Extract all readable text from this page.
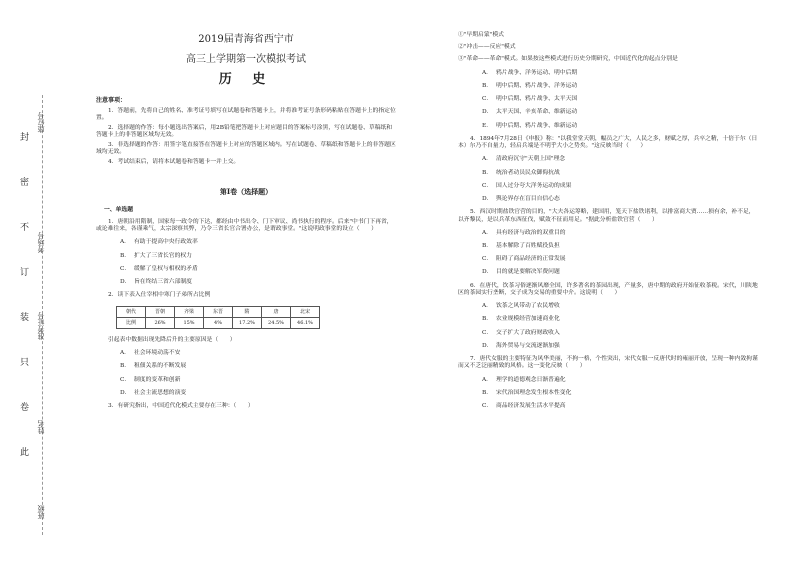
座位号
考场号
准考证号
姓名
班级
封
密
不
订
装
只
卷
此
2019届青海省西宁市
高三上学期第一次模拟考试
历 史
注意事项：
1．答题前，先将自己的姓名、准考证号填写在试题卷和答题卡上，并将准考证号条形码粘贴在答题卡上的指定位置。
2．选择题的作答：每小题选出答案后，用2B铅笔把答题卡上对应题目的答案标号涂黑，写在试题卷、草稿纸和答题卡上的非答题区域均无效。
3．非选择题的作答：用签字笔直接答在答题卡上对应的答题区域内。写在试题卷、草稿纸和答题卡上的非答题区域均无效。
4．考试结束后，请将本试题卷和答题卡一并上交。
第Ⅰ卷（选择题）
一、单选题
1．唐朝沿用隋制，国家每一政令的下达，都经由中书出令、门下审议、尚书执行的程序。后来"中书门下再省，或论难往来，各谨乘气，太宗深察其弊，乃令三省长官合署办公，是谓政事堂。"这说明政事堂的设立（　　）
A． 有助于提高中央行政效率
B． 扩大了三省长官的权力
C． 缓解了皇权与相权的矛盾
D． 旨在终结三省六部制度
2．读下表入仕宰相中寒门子弟所占比例
朝代	晋朝	齐梁	东晋	隋	唐	北宋
比例	26%	15%	4%	17.2%	24.5%	46.1%
引起表中数据出现先降后升的主要原因是（　　）
A． 社会环境动荡不安
B． 租佃关系的不断发展
C． 制度的变革和创新
D． 社会主流思想的演变
3．有研究指出，中国近代化模式主要存在三种：（　　）
①"早期启蒙"模式
②"冲击——反应"模式
③"革命——革命"模式。如果按这些模式进行历史分期研究，中国近代化的起点分别是
A． 鸦片战争、洋务运动、明中后期
B． 明中后期、鸦片战争、洋务运动
C． 明中后期、鸦片战争、太平天国
D． 太平天国、辛亥革命、维新运动
E． 明中后期、鸦片战争、维新运动
4．1894年7月28日《申报》称："以我堂堂天朝，幅员之广大，人民之多，财赋之厚，兵卒之精，十倍于尔（日本）尔乃不自量力，轻启兵端是不明乎大小之势矣。"这反映当时（　　）
A． 清政府沉守"天朝上国"理念
B． 统治者动员民众御侮抗战
C． 国人过分夸大洋务运动的成果
D． 舆论界存在盲目自信心态
5．西汉时期盐铁官营的目的，"大夫各运筹略，建国用，笼天下盐铁诸利，以排富商大贾……损有余，补不足，以齐黎民，是以兵革东西征伐，赋敛不征而用足。"据此分析盐铁官营（　　）
A． 具有经济与政治的双重目的
B． 基本解除了百姓赋役负担
C． 阻碍了商品经济的正常发展
D． 目的就是要解决军费问题
6．在唐代，饮茶习俗逐渐风靡全国，许多著名的茶园出现，产量多，唐中期的政府开始征收茶税。宋代，川陕地区的茶园实行垄断，交子成为交易的重要中介。这说明（　　）
A． 饮茶之风带动了农民增收
B． 农业规模经营加速商业化
C． 交子扩大了政府财政收入
D． 海外贸易与交流逐渐加强
7．唐代女服的主要特征为风华美丽，不拘一格，个性突出，宋代女服一反唐代时的雍丽开放，呈现一种内敛拘谨而又不乏泛丽精致的风格。这一变化反映（　　）
A． 理学的道德观念日渐普遍化
B． 宋代治国理念发生根本性变化
C． 商品经济发展生活水平提高
